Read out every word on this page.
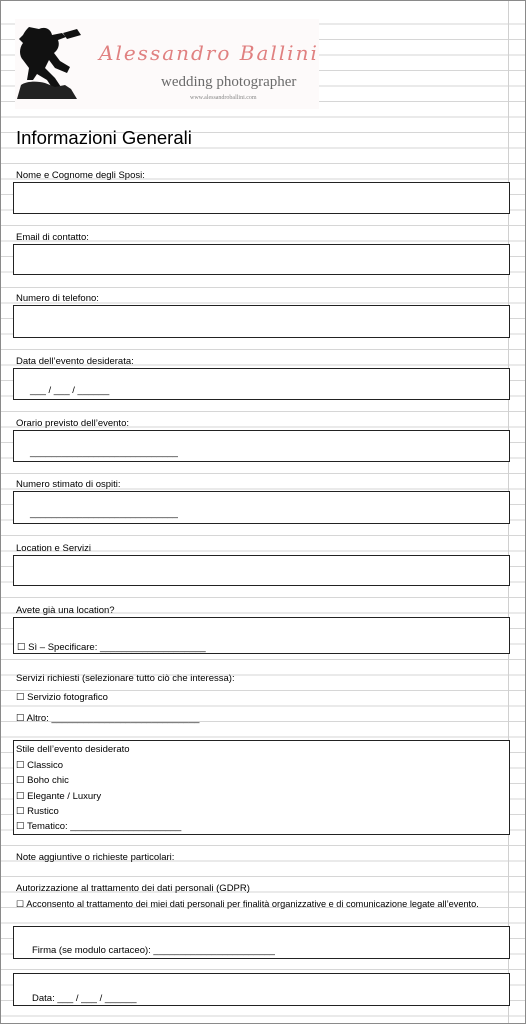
Alessandro Ballini
wedding photographer
www.alessandroballini.com
Informazioni Generali
Nome e Cognome degli Sposi:
Email di contatto:
Numero di telefono:
Data dell’evento desiderata:
___ / ___ / ______
Orario previsto dell’evento:
____________________________
Numero stimato di ospiti:
____________________________
Location e Servizi
Avete già una location?
☐ Sì – Specificare: ____________________
Servizi richiesti (selezionare tutto ciò che interessa):
☐ Servizio fotografico
☐ Altro: ____________________________
Stile dell’evento desiderato
☐ Classico
☐ Boho chic
☐ Elegante / Luxury
☐ Rustico
☐ Tematico: _____________________
Note aggiuntive o richieste particolari:
Autorizzazione al trattamento dei dati personali (GDPR)
☐ Acconsento al trattamento dei miei dati personali per finalità organizzative e di comunicazione legate all’evento.
Firma (se modulo cartaceo): _______________________
Data: ___ / ___ / ______
